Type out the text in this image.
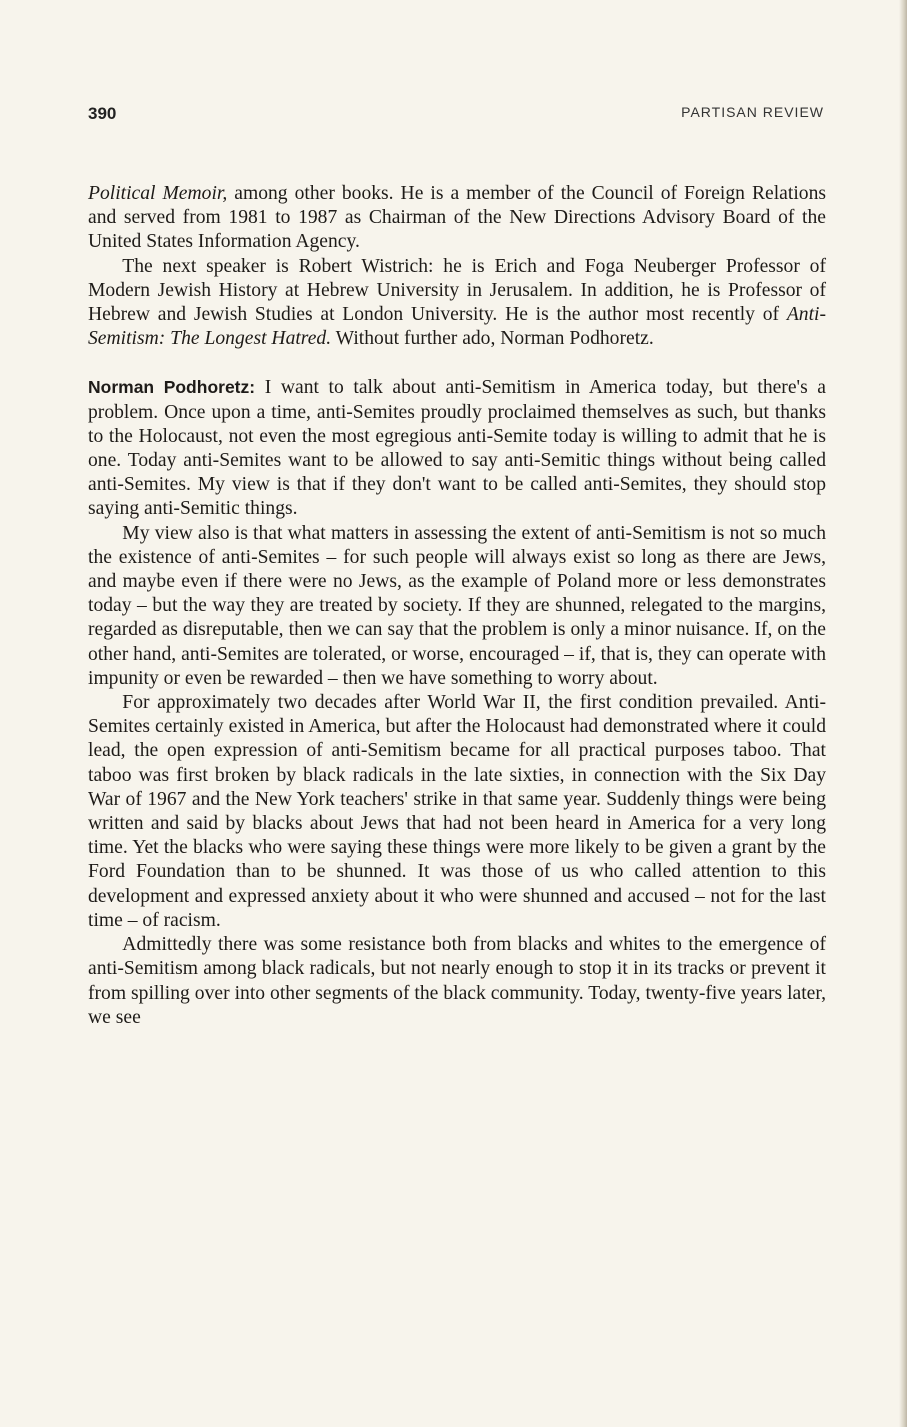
390	PARTISAN REVIEW

Political Memoir, among other books. He is a member of the Council of Foreign Relations and served from 1981 to 1987 as Chairman of the New Directions Advisory Board of the United States Information Agency.

The next speaker is Robert Wistrich: he is Erich and Foga Neuberger Professor of Modern Jewish History at Hebrew University in Jerusalem. In addition, he is Professor of Hebrew and Jewish Studies at London University. He is the author most recently of Anti-Semitism: The Longest Hatred. Without further ado, Norman Podhoretz.

Norman Podhoretz: I want to talk about anti-Semitism in America today, but there's a problem. Once upon a time, anti-Semites proudly proclaimed themselves as such, but thanks to the Holocaust, not even the most egregious anti-Semite today is willing to admit that he is one. Today anti-Semites want to be allowed to say anti-Semitic things without being called anti-Semites. My view is that if they don't want to be called anti-Semites, they should stop saying anti-Semitic things.

My view also is that what matters in assessing the extent of anti-Semitism is not so much the existence of anti-Semites – for such people will always exist so long as there are Jews, and maybe even if there were no Jews, as the example of Poland more or less demonstrates today – but the way they are treated by society. If they are shunned, relegated to the margins, regarded as disreputable, then we can say that the problem is only a minor nuisance. If, on the other hand, anti-Semites are tolerated, or worse, encouraged – if, that is, they can operate with impunity or even be rewarded – then we have something to worry about.

For approximately two decades after World War II, the first condition prevailed. Anti-Semites certainly existed in America, but after the Holocaust had demonstrated where it could lead, the open expression of anti-Semitism became for all practical purposes taboo. That taboo was first broken by black radicals in the late sixties, in connection with the Six Day War of 1967 and the New York teachers' strike in that same year. Suddenly things were being written and said by blacks about Jews that had not been heard in America for a very long time. Yet the blacks who were saying these things were more likely to be given a grant by the Ford Foundation than to be shunned. It was those of us who called attention to this development and expressed anxiety about it who were shunned and accused – not for the last time – of racism.

Admittedly there was some resistance both from blacks and whites to the emergence of anti-Semitism among black radicals, but not nearly enough to stop it in its tracks or prevent it from spilling over into other segments of the black community. Today, twenty-five years later, we see
